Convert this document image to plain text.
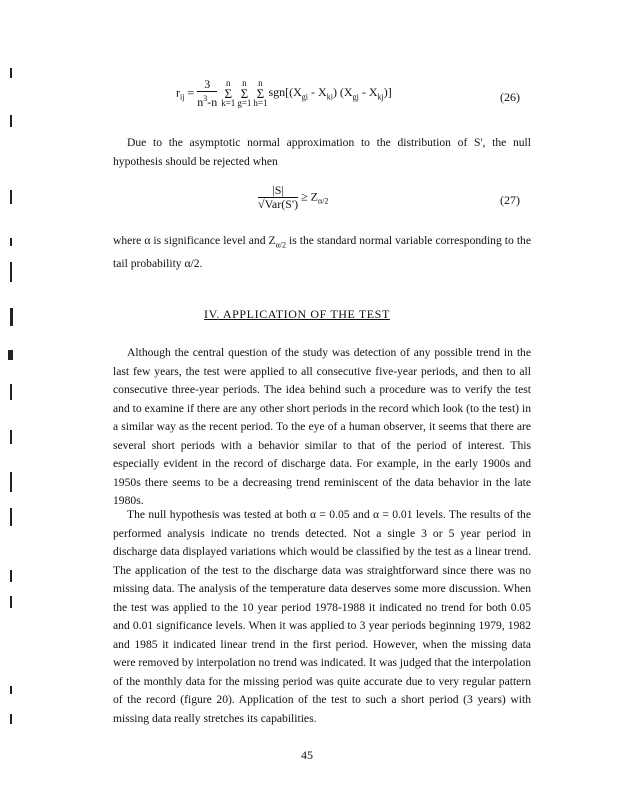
$r_{ij} = \frac{3}{n^3-n}$
n
Σ
k=1
n
Σ
g=1
n
Σ
h=1
$sgn[(X_{gi} - X_{ki})$ $(X_{gj} - X_{kj})$]	(26)

Due to the asymptotic normal approximation to the distribution of S', the null hypothesis should be rejected when

$\frac{|S|}{\text{√Var(S')}} \ge Z_{\alpha/2}$	(27)

where α is significance level and $Z_{\alpha/2}$ is the standard normal variable corresponding to the tail probability α/2.

IV. APPLICATION OF THE TEST

Although the central question of the study was detection of any possible trend in the last few years, the test were applied to all consecutive five-year periods, and then to all consecutive three-year periods. The idea behind such a procedure was to verify the test and to examine if there are any other short periods in the record which look (to the test) in a similar way as the recent period. To the eye of a human observer, it seems that there are several short periods with a behavior similar to that of the period of interest. This especially evident in the record of discharge data. For example, in the early 1900s and 1950s there seems to be a decreasing trend reminiscent of the data behavior in the late 1980s.

The null hypothesis was tested at both α = 0.05 and α = 0.01 levels. The results of the performed analysis indicate no trends detected. Not a single 3 or 5 year period in discharge data displayed variations which would be classified by the test as a linear trend. The application of the test to the discharge data was straightforward since there was no missing data. The analysis of the temperature data deserves some more discussion. When the test was applied to the 10 year period 1978-1988 it indicated no trend for both 0.05 and 0.01 significance levels. When it was applied to 3 year periods beginning 1979, 1982 and 1985 it indicated linear trend in the first period. However, when the missing data were removed by interpolation no trend was indicated. It was judged that the interpolation of the monthly data for the missing period was quite accurate due to very regular pattern of the record (figure 20). Application of the test to such a short period (3 years) with missing data really stretches its capabilities.

45
